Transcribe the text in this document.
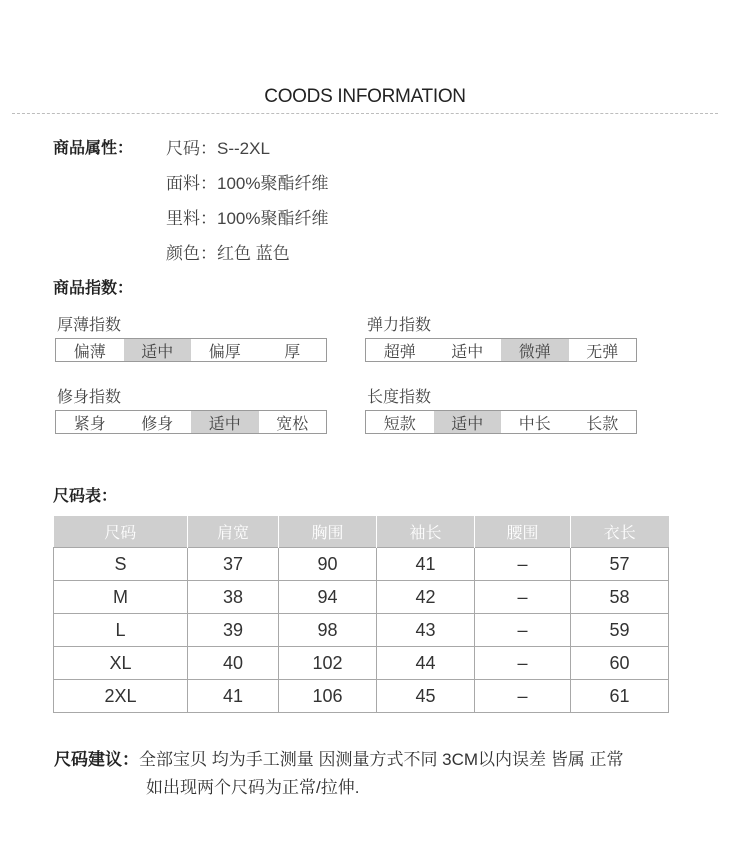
COODS INFORMATION
商品属性： 尺码：S--2XL
面料：100%聚酯纤维
里料：100%聚酯纤维
颜色：红色 蓝色
商品指数：
厚薄指数
偏薄	适中	偏厚	厚
弹力指数
超弹	适中	微弹	无弹
修身指数
紧身	修身	适中	宽松
长度指数
短款	适中	中长	长款
尺码表：
尺码	肩宽	胸围	袖长	腰围	衣长
S	37	90	41	–	57
M	38	94	42	–	58
L	39	98	43	–	59
XL	40	102	44	–	60
2XL	41	106	45	–	61
尺码建议：全部宝贝 均为手工测量 因测量方式不同 3CM以内误差 皆属 正常
如出现两个尺码为正常/拉伸.
